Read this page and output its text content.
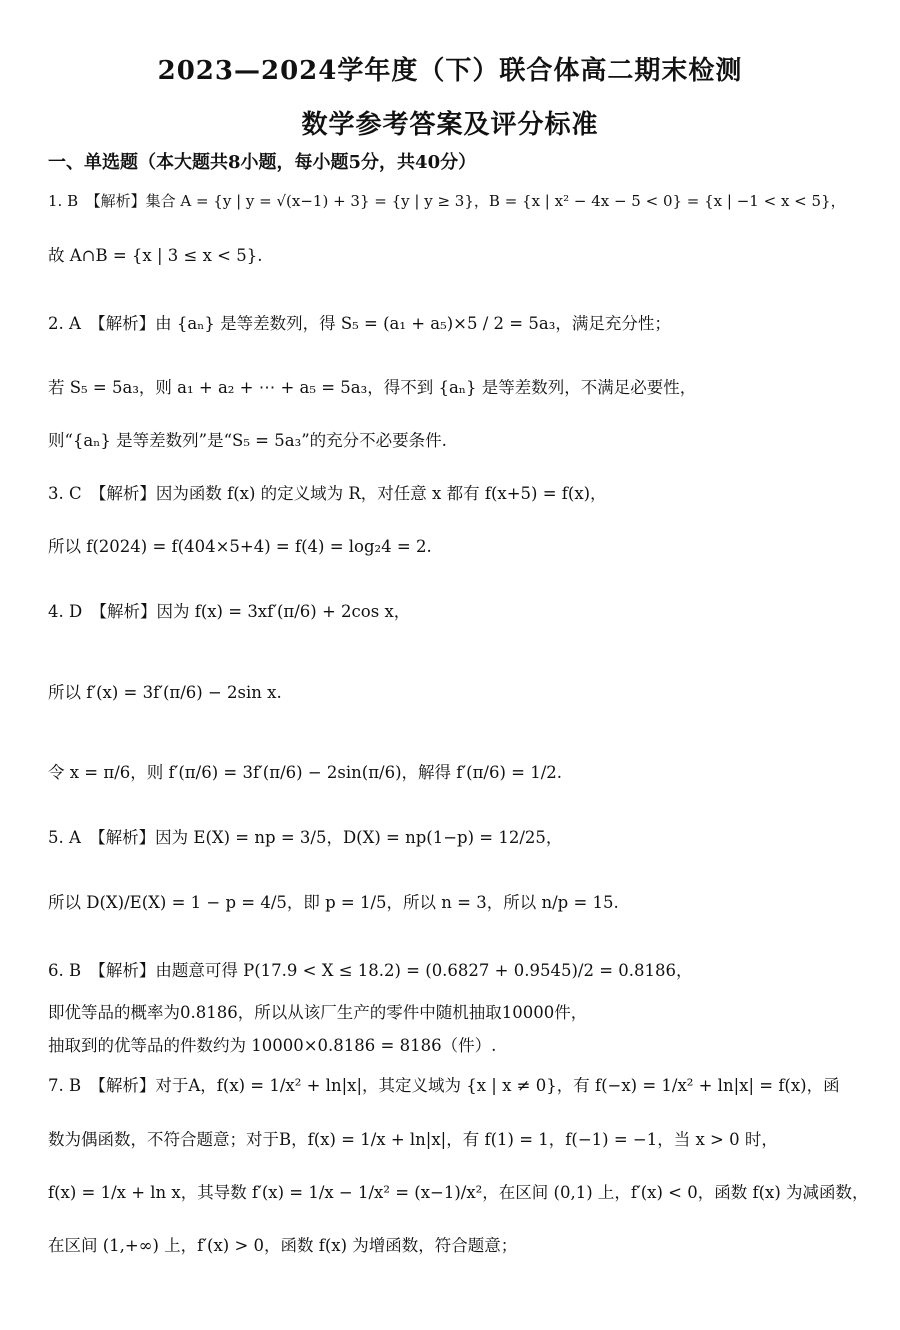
2023—2024学年度（下）联合体高二期末检测
数学参考答案及评分标准
一、单选题（本大题共8小题，每小题5分，共40分）
1. B　【解析】集合 A = {y | y = √(x−1) + 3} = {y | y ≥ 3}，B = {x | x² − 4x − 5 < 0} = {x | −1 < x < 5}，
故 A∩B = {x | 3 ≤ x < 5}.
2. A　【解析】由 {aₙ} 是等差数列，得 S₅ = (a₁ + a₅)×5 / 2 = 5a₃，满足充分性；
若 S₅ = 5a₃，则 a₁ + a₂ + ⋯ + a₅ = 5a₃，得不到 {aₙ} 是等差数列，不满足必要性，
则“{aₙ} 是等差数列”是“S₅ = 5a₃”的充分不必要条件.
3. C　【解析】因为函数 f(x) 的定义域为 R，对任意 x 都有 f(x+5) = f(x)，
所以 f(2024) = f(404×5+4) = f(4) = log₂4 = 2.
4. D　【解析】因为 f(x) = 3xf′(π/6) + 2cos x，
所以 f′(x) = 3f′(π/6) − 2sin x.
令 x = π/6，则 f′(π/6) = 3f′(π/6) − 2sin(π/6)，解得 f′(π/6) = 1/2.
5. A　【解析】因为 E(X) = np = 3/5，D(X) = np(1−p) = 12/25，
所以 D(X)/E(X) = 1 − p = 4/5，即 p = 1/5，所以 n = 3，所以 n/p = 15.
6. B　【解析】由题意可得 P(17.9 < X ≤ 18.2) = (0.6827 + 0.9545)/2 = 0.8186，
即优等品的概率为0.8186，所以从该厂生产的零件中随机抽取10000件，
抽取到的优等品的件数约为 10000×0.8186 = 8186（件）.
7. B　【解析】对于A，f(x) = 1/x² + ln|x|，其定义域为 {x | x ≠ 0}，有 f(−x) = 1/x² + ln|x| = f(x)，函
数为偶函数，不符合题意；对于B，f(x) = 1/x + ln|x|，有 f(1) = 1，f(−1) = −1，当 x > 0 时，
f(x) = 1/x + ln x，其导数 f′(x) = 1/x − 1/x² = (x−1)/x²，在区间 (0,1) 上，f′(x) < 0，函数 f(x) 为减函数，
在区间 (1,+∞) 上，f′(x) > 0，函数 f(x) 为增函数，符合题意；
